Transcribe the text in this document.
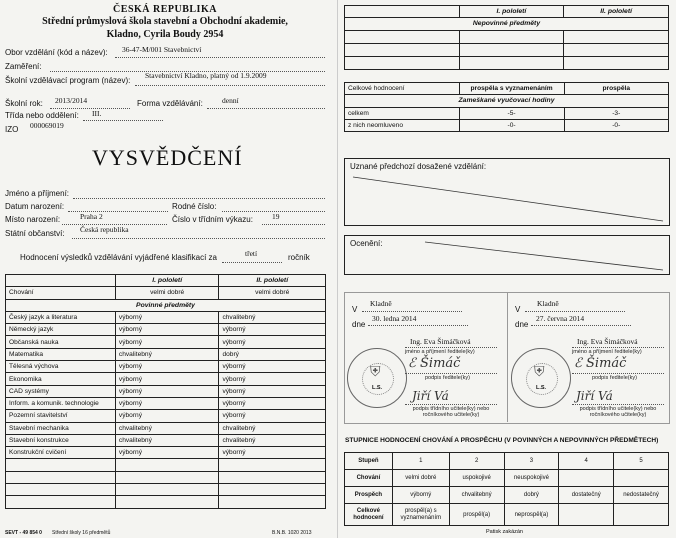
ČESKÁ REPUBLIKA
Střední průmyslová škola stavební a Obchodní akademie,
Kladno, Cyrila Boudy 2954
Obor vzdělání (kód a název): 36-47-M/001 Stavebnictví
Zaměření:
Školní vzdělávací program (název):
Stavebnictví Kladno, platný od 1.9.2009
Školní rok: 2013/2014	Forma vzdělávání:	denní
Třída nebo oddělení: III.
IZO 000069019
VYSVĚDČENÍ
Jméno a příjmení:
Datum narození:	Rodné číslo:
Místo narození:	Praha 2	Číslo v třídním výkazu:	19
Státní občanství: Česká republika
Hodnocení výsledků vzdělávání vyjádřené klasifikací za	třetí	ročník
	I. pololetí	II. pololetí
Chování	velmi dobré	velmi dobré
Povinné předměty		
Český jazyk a literatura	výborný	chvalitebný
Německý jazyk	výborný	výborný
Občanská nauka	výborný	výborný
Matematika	chvalitebný	dobrý
Tělesná výchova	výborný	výborný
Ekonomika	výborný	výborný
CAD systémy	výborný	výborný
Inform. a komunik. technologie	výborný	výborný
Pozemní stavitelství	výborný	výborný
Stavební mechanika	chvalitebný	chvalitebný
Stavební konstrukce	chvalitebný	chvalitebný
Konstrukční cvičení	výborný	výborný

SEVT - 49 854 0 Střední školy 16 předmětů	B.N.B. 1020 2013
	I. pololetí	II. pololetí
Nepovinné předměty		

Celkové hodnocení	prospěla s vyznamenáním	prospěla
Zameškané vyučovací hodiny		
celkem	-5-	-3-
z nich neomluveno	-0-	-0-
Uznané předchozí dosažené vzdělání:
Ocenění:
V
Kladně
dne
30. ledna 2014
⛨
L.S.
Ing. Eva Šimáčková
jméno a příjmení ředitele(ky)
ℰ Šimáč
podpis ředitele(ky)
Jiří Vá
podpis třídního učitele(ky) nebo ročníkového učitele(ky)
V
Kladně
dne
27. června 2014
⛨
L.S.
Ing. Eva Šimáčková
jméno a příjmení ředitele(ky)
ℰ Šimáč
podpis ředitele(ky)
Jiří Vá
podpis třídního učitele(ky) nebo ročníkového učitele(ky)
STUPNICE HODNOCENÍ CHOVÁNÍ A PROSPĚCHU (V POVINNÝCH A NEPOVINNÝCH PŘEDMĚTECH)
Stupeň	1	2	3	4	5
Chování	velmi dobré	uspokojivé	neuspokojivé		
Prospěch	výborný	chvalitebný	dobrý	dostatečný	nedostatečný
Celkové hodnocení	prospěl(a) s vyznamenáním	prospěl(a)	neprospěl(a)		
Patisk zakázán
